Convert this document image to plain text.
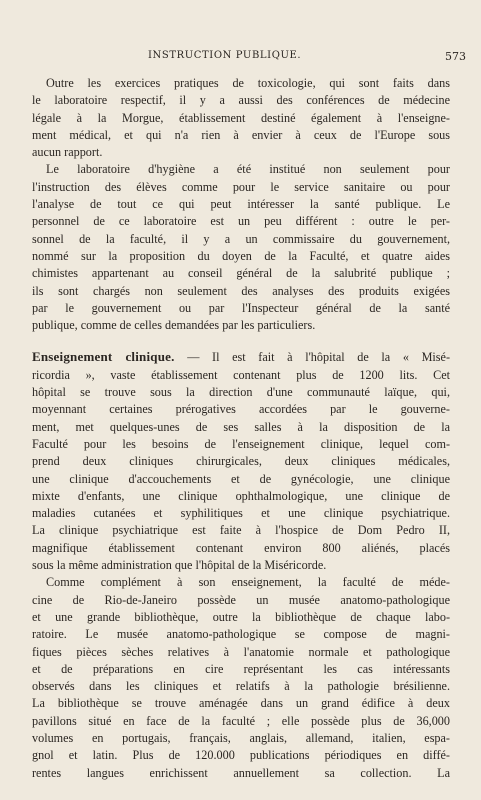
INSTRUCTION PUBLIQUE.	573

Outre les exercices pratiques de toxicologie, qui sont faits dans
le laboratoire respectif, il y a aussi des conférences de médecine
légale à la Morgue, établissement destiné également à l'enseigne-
ment médical, et qui n'a rien à envier à ceux de l'Europe sous
aucun rapport.

Le laboratoire d'hygiène a été institué non seulement pour
l'instruction des élèves comme pour le service sanitaire ou pour
l'analyse de tout ce qui peut intéresser la santé publique. Le
personnel de ce laboratoire est un peu différent : outre le per-
sonnel de la faculté, il y a un commissaire du gouvernement,
nommé sur la proposition du doyen de la Faculté, et quatre aides
chimistes appartenant au conseil général de la salubrité publique ;
ils sont chargés non seulement des analyses des produits exigées
par le gouvernement ou par l'Inspecteur général de la santé
publique, comme de celles demandées par les particuliers.

Enseignement clinique. — Il est fait à l'hôpital de la « Misé-
ricordia », vaste établissement contenant plus de 1200 lits. Cet
hôpital se trouve sous la direction d'une communauté laïque, qui,
moyennant certaines prérogatives accordées par le gouverne-
ment, met quelques-unes de ses salles à la disposition de la
Faculté pour les besoins de l'enseignement clinique, lequel com-
prend deux cliniques chirurgicales, deux cliniques médicales,
une clinique d'accouchements et de gynécologie, une clinique
mixte d'enfants, une clinique ophthalmologique, une clinique de
maladies cutanées et syphilitiques et une clinique psychiatrique.
La clinique psychiatrique est faite à l'hospice de Dom Pedro II,
magnifique établissement contenant environ 800 aliénés, placés
sous la même administration que l'hôpital de la Miséricorde.

Comme complément à son enseignement, la faculté de méde-
cine de Rio-de-Janeiro possède un musée anatomo-pathologique
et une grande bibliothèque, outre la bibliothèque de chaque labo-
ratoire. Le musée anatomo-pathologique se compose de magni-
fiques pièces sèches relatives à l'anatomie normale et pathologique
et de préparations en cire représentant les cas intéressants
observés dans les cliniques et relatifs à la pathologie brésilienne.
La bibliothèque se trouve aménagée dans un grand édifice à deux
pavillons situé en face de la faculté ; elle possède plus de 36,000
volumes en portugais, français, anglais, allemand, italien, espa-
gnol et latin. Plus de 120.000 publications périodiques en diffé-
rentes langues enrichissent annuellement sa collection. La
